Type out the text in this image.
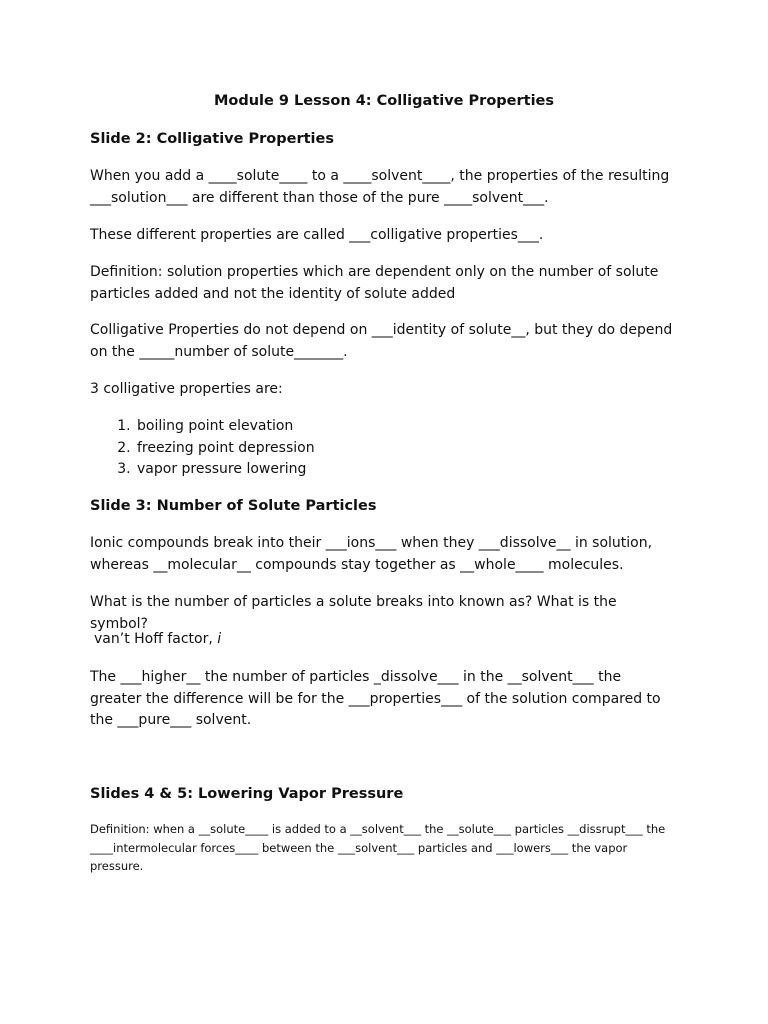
Module 9 Lesson 4: Colligative Properties

Slide 2: Colligative Properties

When you add a ____solute____ to a ____solvent____, the properties of the resulting ___solution___ are different than those of the pure ____solvent___.

These different properties are called ___colligative properties___.

Definition: solution properties which are dependent only on the number of solute particles added and not the identity of solute added

Colligative Properties do not depend on ___identity of solute__, but they do depend on the _____number of solute_______.

3 colligative properties are:

1. boiling point elevation
2. freezing point depression
3. vapor pressure lowering

Slide 3: Number of Solute Particles

Ionic compounds break into their ___ions___ when they ___dissolve__ in solution, whereas __molecular__ compounds stay together as __whole____ molecules.

What is the number of particles a solute breaks into known as? What is the symbol?

van’t Hoff factor, i

The ___higher__ the number of particles _dissolve___ in the __solvent___ the greater the difference will be for the ___properties___ of the solution compared to the ___pure___ solvent.

Slides 4 & 5: Lowering Vapor Pressure

Definition: when a __solute____ is added to a __solvent___ the __solute___ particles __dissrupt___ the ____intermolecular forces____ between the ___solvent___ particles and ___lowers___ the vapor pressure.
